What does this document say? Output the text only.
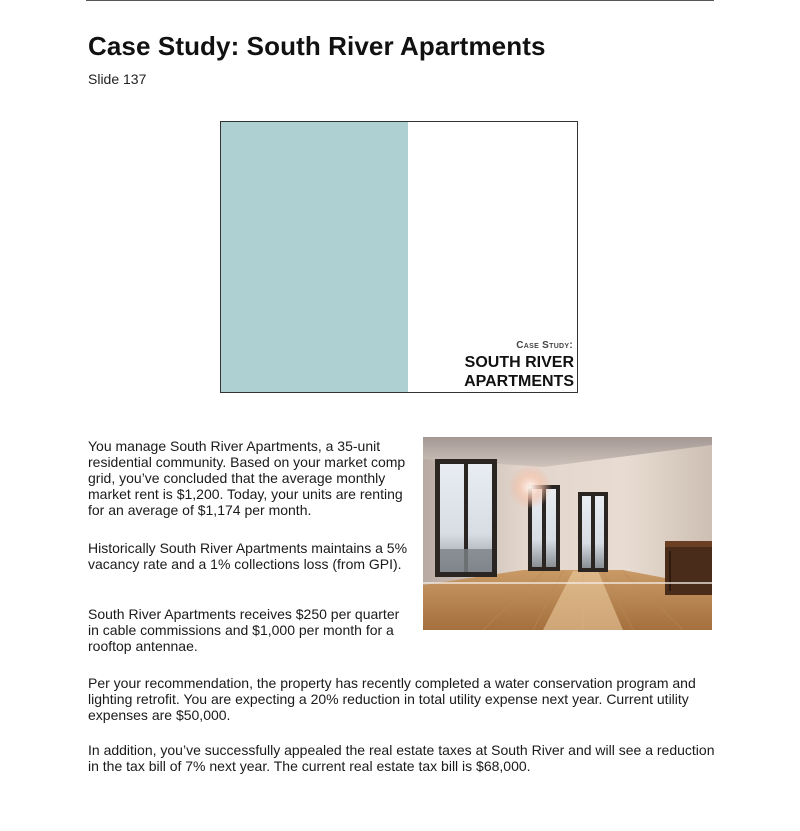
Case Study: South River Apartments
Slide 137
Case Study:
SOUTH RIVER APARTMENTS

You manage South River Apartments, a 35-unit residential community. Based on your market comp grid, you’ve concluded that the average monthly market rent is $1,200. Today, your units are renting for an average of $1,174 per month.

Historically South River Apartments maintains a 5% vacancy rate and a 1% collections loss (from GPI).

South River Apartments receives $250 per quarter in cable commissions and $1,000 per month for a rooftop antennae.

Per your recommendation, the property has recently completed a water conservation program and lighting retrofit. You are expecting a 20% reduction in total utility expense next year. Current utility expenses are $50,000.

In addition, you’ve successfully appealed the real estate taxes at South River and will see a reduction in the tax bill of 7% next year. The current real estate tax bill is $68,000.
